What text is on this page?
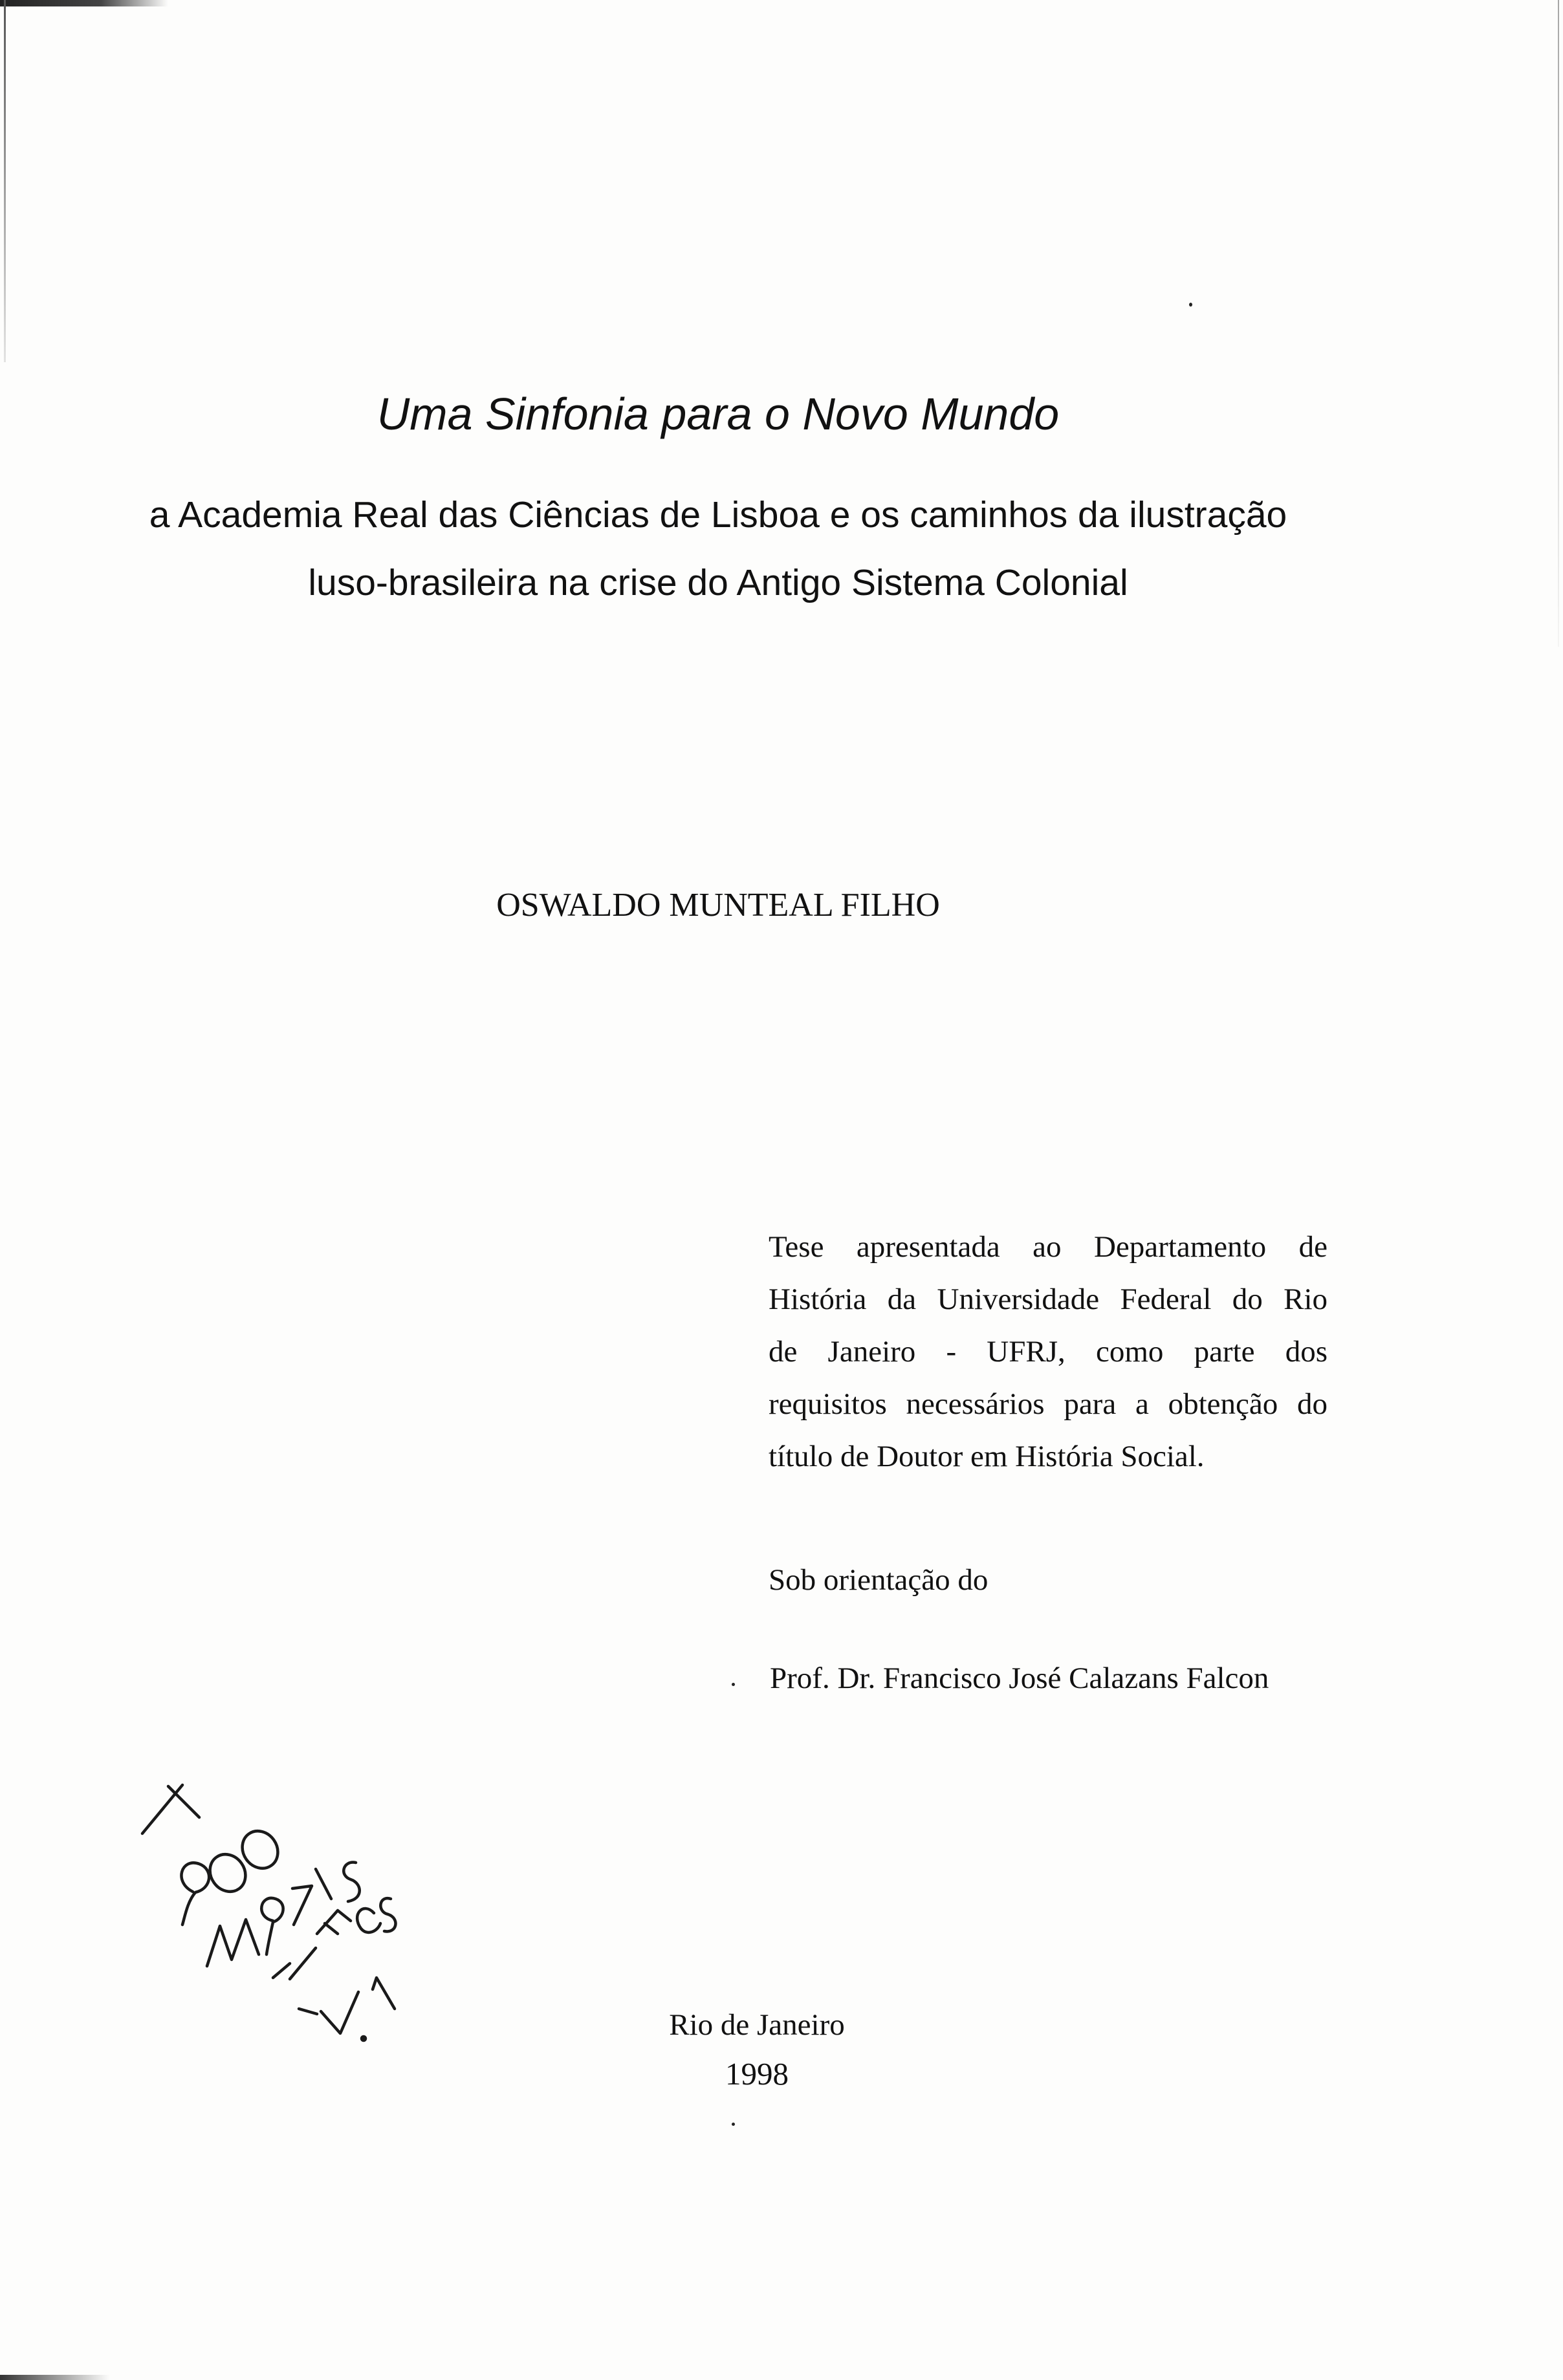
Uma Sinfonia para o Novo Mundo
a Academia Real das Ciências de Lisboa e os caminhos da ilustração
luso-brasileira na crise do Antigo Sistema Colonial
OSWALDO MUNTEAL FILHO
Tese apresentada ao Departamento de
História da Universidade Federal do Rio
de Janeiro - UFRJ, como parte dos
requisitos necessários para a obtenção do
título de Doutor em História Social.
Sob orientação do
Prof. Dr. Francisco José Calazans Falcon
Rio de Janeiro
1998
